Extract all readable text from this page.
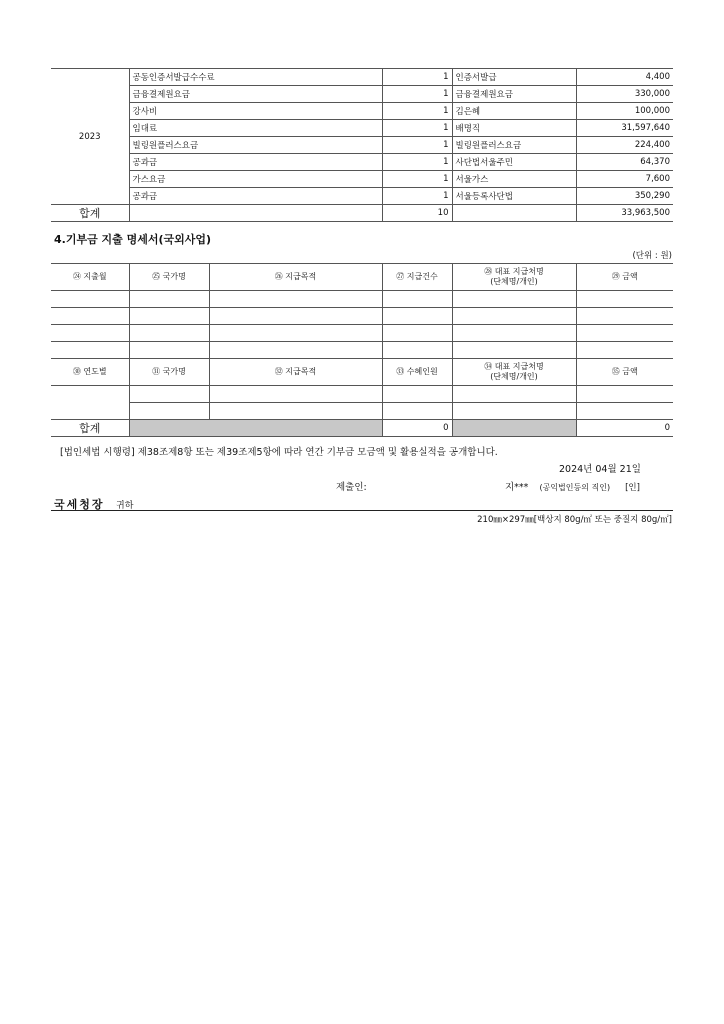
2023	공동인증서발급수수료	1	인증서발급	4,400
	금융결제원요금	1	금융결제원요금	330,000
	강사비	1	김은혜	100,000
	임대료	1	배명직	31,597,640
	빌링원플러스요금	1	빌링원플러스요금	224,400
	공과금	1	사단법서울주민	64,370
	가스요금	1	서울가스	7,600
	공과금	1	서울등록사단법	350,290
합계		10		33,963,500
4.기부금 지출 명세서(국외사업)
(단위 : 원)
㉔ 지출월	㉕ 국가명	㉖ 지급목적	㉗ 지급건수	㉘ 대표 지급처명
(단체명/개인)	㉙ 금액

㉚ 연도별	㉛ 국가명	㉜ 지급목적	㉝ 수혜인원	㉞ 대표 지급처명
(단체명/개인)	㉟ 금액

합계			0		0
[법인세법 시행령] 제38조제8항 또는 제39조제5항에 따라 연간 기부금 모금액 및 활용실적을 공개합니다.
2024년 04월 21일
제출인:	지*** (공익법인등의 직인) [인]
국세청장 귀하
210㎜×297㎜[백상지 80g/㎡ 또는 중질지 80g/㎡]
